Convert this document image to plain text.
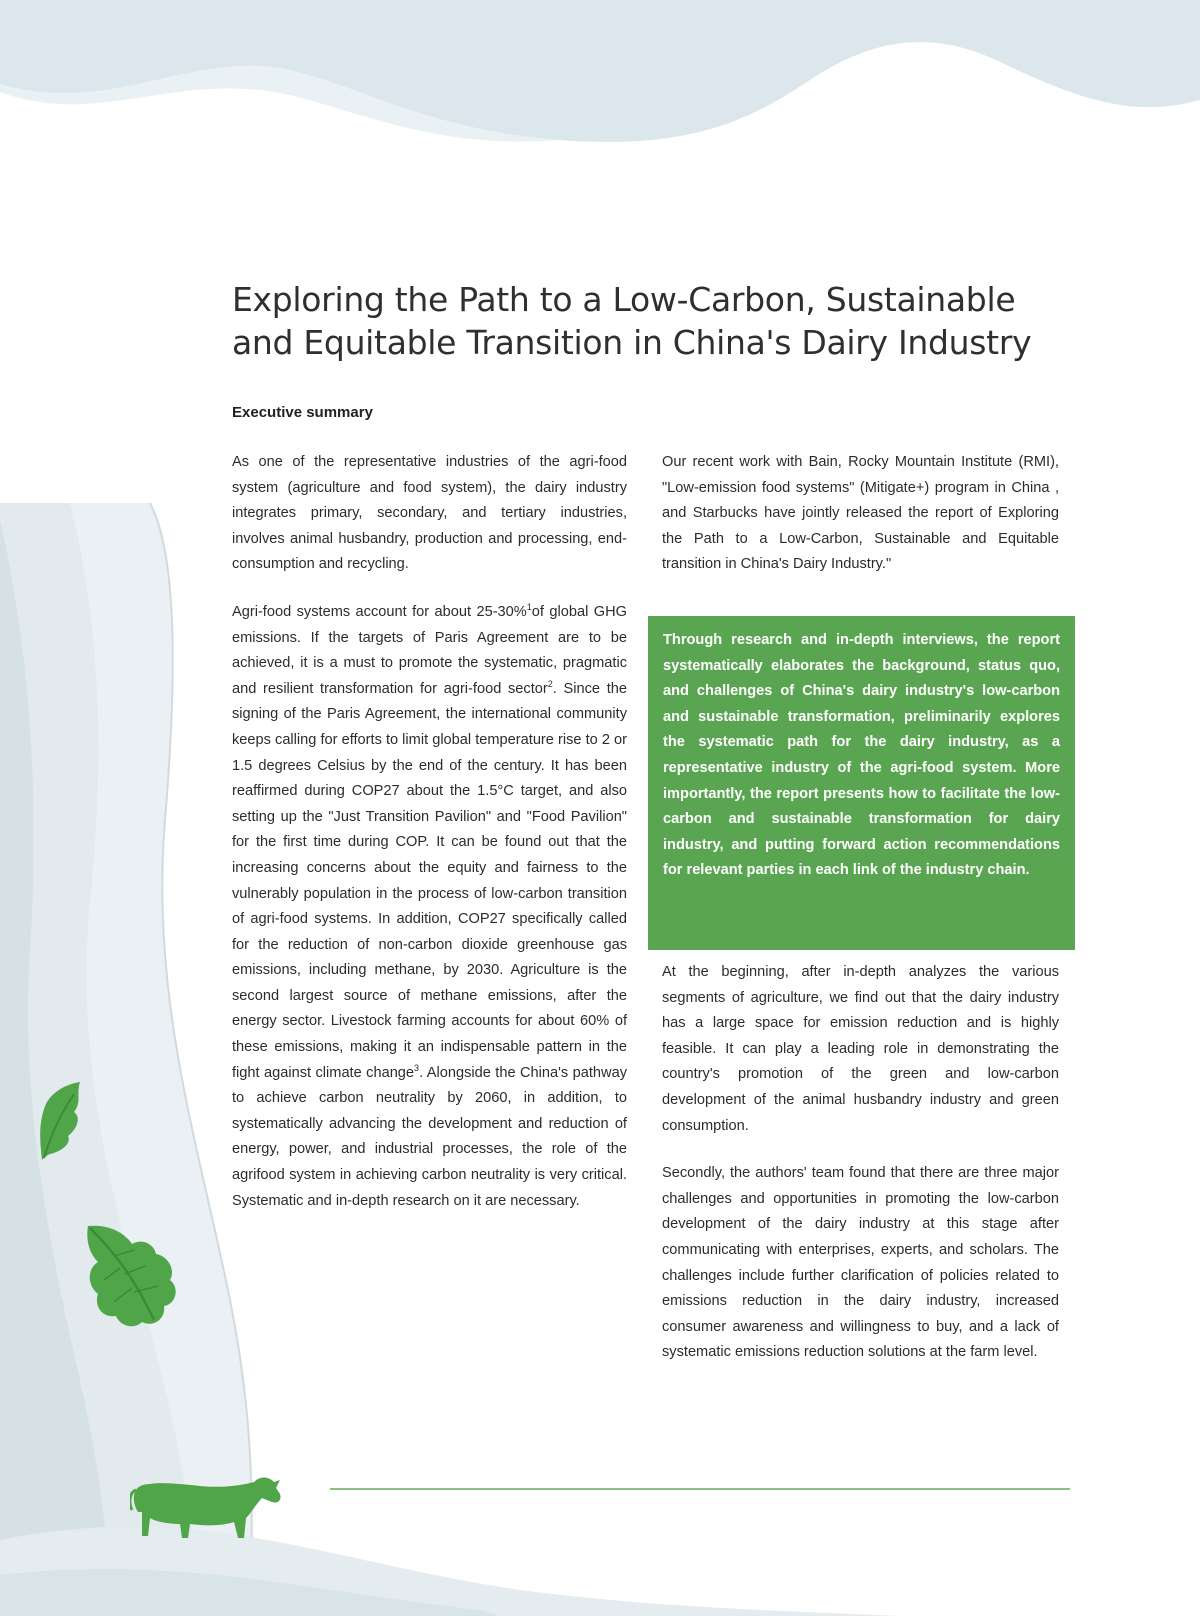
Exploring the Path to a Low-Carbon, Sustainable
and Equitable Transition in China's Dairy Industry
Executive summary

As one of the representative industries of the agri-food system (agriculture and food system), the dairy industry integrates primary, secondary, and tertiary industries, involves animal husbandry, production and processing, end-consumption and recycling.

Agri-food systems account for about 25-30%$^1$of global GHG emissions. If the targets of Paris Agreement are to be achieved, it is a must to promote the systematic, pragmatic and resilient transformation for agri-food sector$^2$. Since the signing of the Paris Agreement, the international community keeps calling for efforts to limit global temperature rise to 2 or 1.5 degrees Celsius by the end of the century. It has been reaffirmed during COP27 about the 1.5°C target, and also setting up the "Just Transition Pavilion" and "Food Pavilion" for the first time during COP. It can be found out that the increasing concerns about the equity and fairness to the vulnerably population in the process of low-carbon transition of agri-food systems. In addition, COP27 specifically called for the reduction of non-carbon dioxide greenhouse gas emissions, including methane, by 2030. Agriculture is the second largest source of methane emissions, after the energy sector. Livestock farming accounts for about 60% of these emissions, making it an indispensable pattern in the fight against climate change$^3$. Alongside the China's pathway to achieve carbon neutrality by 2060, in addition, to systematically advancing the development and reduction of energy, power, and industrial processes, the role of the agrifood system in achieving carbon neutrality is very critical. Systematic and in-depth research on it are necessary.

Our recent work with Bain, Rocky Mountain Institute (RMI), "Low-emission food systems" (Mitigate+) program in China , and Starbucks have jointly released the report of Exploring the Path to a Low-Carbon, Sustainable and Equitable transition in China's Dairy Industry."

Through research and in-depth interviews, the report systematically elaborates the background, status quo, and challenges of China's dairy industry's low-carbon and sustainable transformation, preliminarily explores the systematic path for the dairy industry, as a representative industry of the agri-food system. More importantly, the report presents how to facilitate the low-carbon and sustainable transformation for dairy industry, and putting forward action recommendations for relevant parties in each link of the industry chain.

At the beginning, after in-depth analyzes the various segments of agriculture, we find out that the dairy industry has a large space for emission reduction and is highly feasible. It can play a leading role in demonstrating the country's promotion of the green and low-carbon development of the animal husbandry industry and green consumption.

Secondly, the authors' team found that there are three major challenges and opportunities in promoting the low-carbon development of the dairy industry at this stage after communicating with enterprises, experts, and scholars. The challenges include further clarification of policies related to emissions reduction in the dairy industry, increased consumer awareness and willingness to buy, and a lack of systematic emissions reduction solutions at the farm level.
